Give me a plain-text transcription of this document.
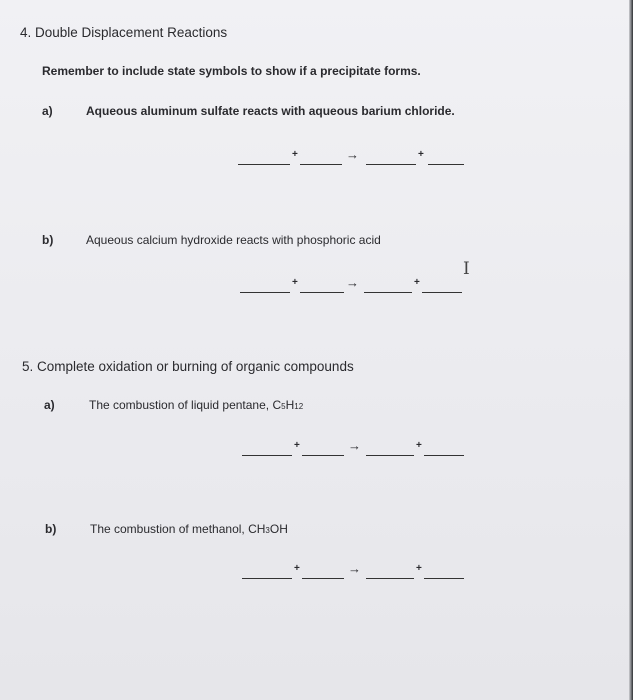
4. Double Displacement Reactions
Remember to include state symbols to show if a precipitate forms.
a)	Aqueous aluminum sulfate reacts with aqueous barium chloride.
+	→	+
b)	Aqueous calcium hydroxide reacts with phosphoric acid
+	→	+
I
5. Complete oxidation or burning of organic compounds
a)	The combustion of liquid pentane, C5H12
+	→	+
b)	The combustion of methanol, CH3OH
+	→	+
